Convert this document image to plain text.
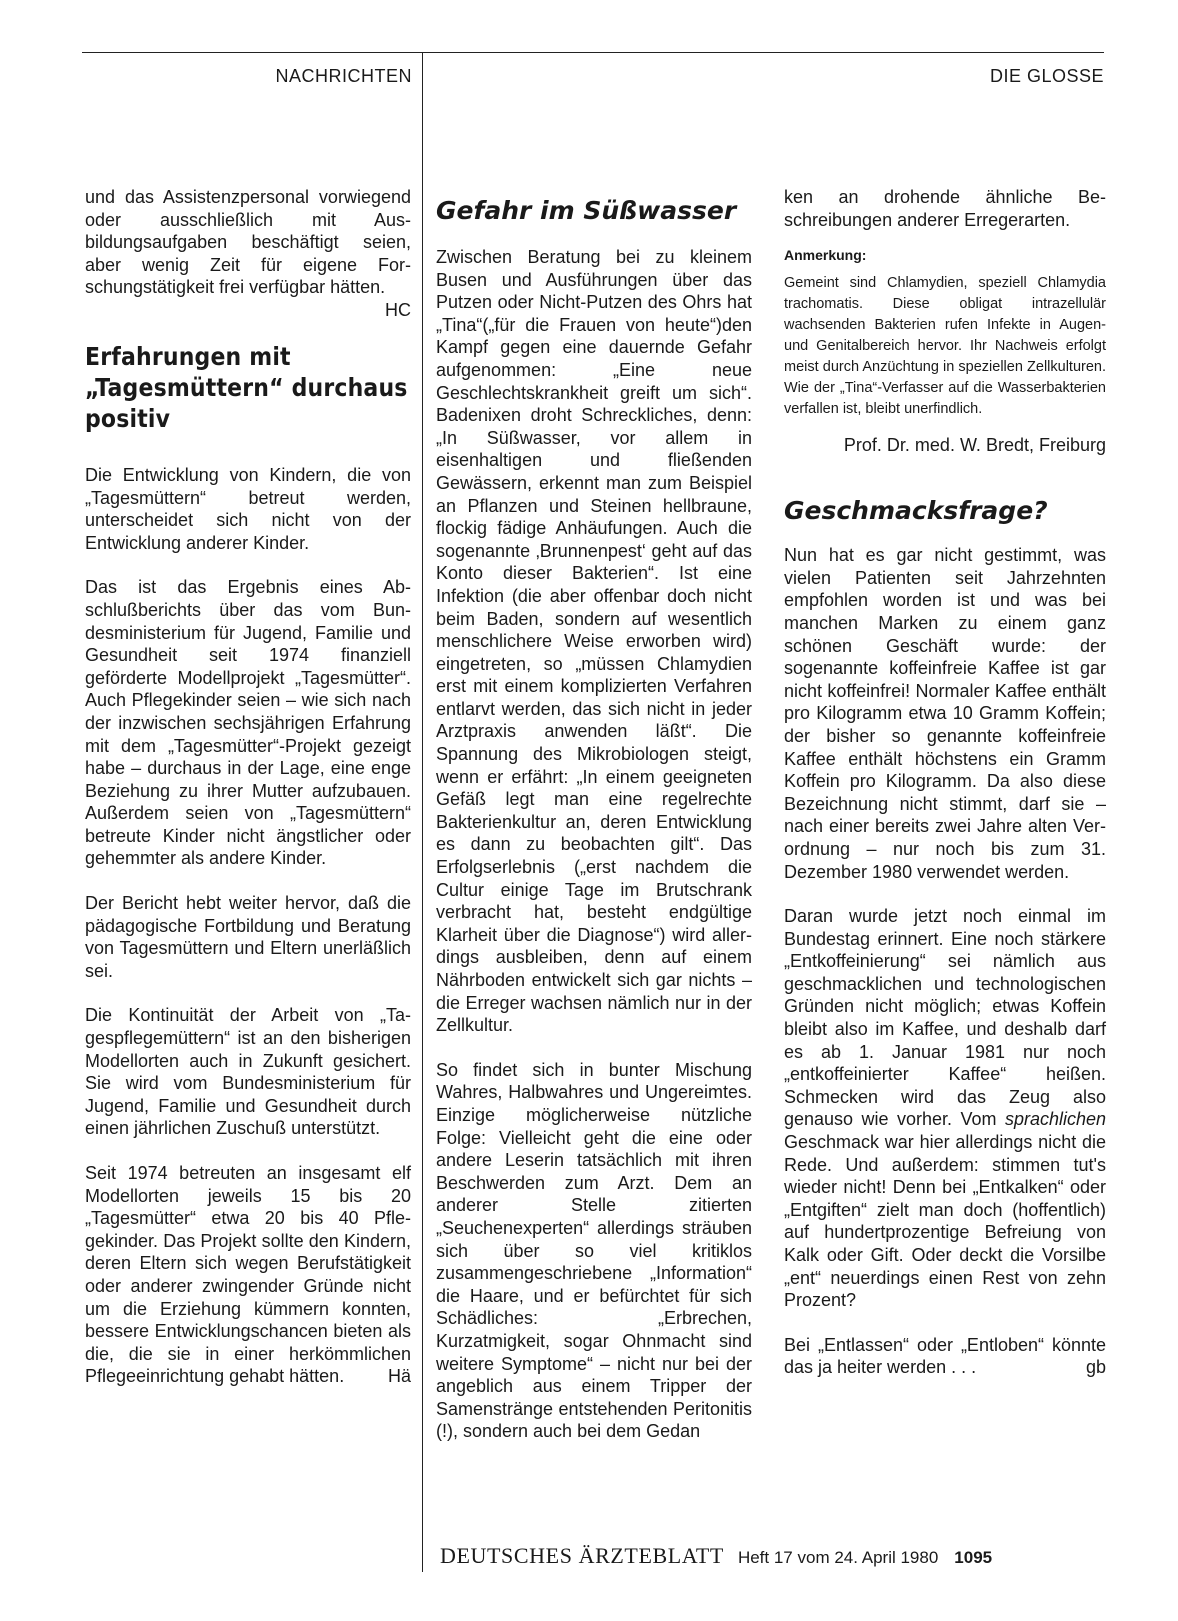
NACHRICHTEN	DIE GLOSSE

und das Assistenzpersonal vorwiegend oder ausschließlich mit Ausbildungsaufgaben beschäftigt seien, aber wenig Zeit für eigene Forschungstätigkeit frei verfügbar hätten.
HC

Erfahrungen mit „Tagesmüttern“ durchaus positiv

Die Entwicklung von Kindern, die von „Tagesmüttern“ betreut werden, unterscheidet sich nicht von der Entwicklung anderer Kinder.

Das ist das Ergebnis eines Abschlußberichts über das vom Bundesministerium für Jugend, Familie und Gesundheit seit 1974 finanziell geförderte Modellprojekt „Tagesmütter“. Auch Pflegekinder seien – wie sich nach der inzwischen sechsjährigen Erfahrung mit dem „Tagesmütter“-Projekt gezeigt habe – durchaus in der Lage, eine enge Beziehung zu ihrer Mutter aufzubauen. Außerdem seien von „Tagesmüttern“ betreute Kinder nicht ängstlicher oder gehemmter als andere Kinder.

Der Bericht hebt weiter hervor, daß die pädagogische Fortbildung und Beratung von Tagesmüttern und Eltern unerläßlich sei.

Die Kontinuität der Arbeit von „Tagespflegemüttern“ ist an den bisherigen Modellorten auch in Zukunft gesichert. Sie wird vom Bundesministerium für Jugend, Familie und Gesundheit durch einen jährlichen Zuschuß unterstützt.

Seit 1974 betreuten an insgesamt elf Modellorten jeweils 15 bis 20 „Tagesmütter“ etwa 20 bis 40 Pflegekinder. Das Projekt sollte den Kindern, deren Eltern sich wegen Berufstätigkeit oder anderer zwingender Gründe nicht um die Erziehung kümmern konnten, bessere Entwicklungschancen bieten als die, die sie in einer herkömmlichen Pflegeeinrichtung gehabt hätten. Hä

Gefahr im Süßwasser

Zwischen Beratung bei zu kleinem Busen und Ausführungen über das Putzen oder Nicht-Putzen des Ohrs hat „Tina“(„für die Frauen von heute“)den Kampf gegen eine dauernde Gefahr aufgenommen: „Eine neue Geschlechtskrankheit greift um sich“. Badenixen droht Schreckliches, denn: „In Süßwasser, vor allem in eisenhaltigen und fließenden Gewässern, erkennt man zum Beispiel an Pflanzen und Steinen hellbraune, flockig fädige Anhäufungen. Auch die sogenannte ‚Brunnenpest‘ geht auf das Konto dieser Bakterien“. Ist eine Infektion (die aber offenbar doch nicht beim Baden, sondern auf wesentlich menschlichere Weise erworben wird) eingetreten, so „müssen Chlamydien erst mit einem komplizierten Verfahren entlarvt werden, das sich nicht in jeder Arztpraxis anwenden läßt“. Die Spannung des Mikrobiologen steigt, wenn er erfährt: „In einem geeigneten Gefäß legt man eine regelrechte Bakterienkultur an, deren Entwicklung es dann zu beobachten gilt“. Das Erfolgserlebnis („erst nachdem die Cultur einige Tage im Brutschrank verbracht hat, besteht endgültige Klarheit über die Diagnose“) wird allerdings ausbleiben, denn auf einem Nährboden entwickelt sich gar nichts – die Erreger wachsen nämlich nur in der Zellkultur.

So findet sich in bunter Mischung Wahres, Halbwahres und Ungereimtes. Einzige möglicherweise nützliche Folge: Vielleicht geht die eine oder andere Leserin tatsächlich mit ihren Beschwerden zum Arzt. Dem an anderer Stelle zitierten „Seuchenexperten“ allerdings sträuben sich über so viel kritiklos zusammengeschriebene „Information“ die Haare, und er befürchtet für sich Schädliches: „Erbrechen, Kurzatmigkeit, sogar Ohnmacht sind weitere Symptome“ – nicht nur bei der angeblich aus einem Tripper der Samenstränge entstehenden Peritonitis (!), sondern auch bei dem Gedan

ken an drohende ähnliche Beschreibungen anderer Erregerarten.

Anmerkung:

Gemeint sind Chlamydien, speziell Chlamydia trachomatis. Diese obligat intrazellulär wachsenden Bakterien rufen Infekte in Augen- und Genitalbereich hervor. Ihr Nachweis erfolgt meist durch Anzüchtung in speziellen Zellkulturen. Wie der „Tina“-Verfasser auf die Wasserbakterien verfallen ist, bleibt unerfindlich.

Prof. Dr. med. W. Bredt, Freiburg

Geschmacksfrage?

Nun hat es gar nicht gestimmt, was vielen Patienten seit Jahrzehnten empfohlen worden ist und was bei manchen Marken zu einem ganz schönen Geschäft wurde: der sogenannte koffeinfreie Kaffee ist gar nicht koffeinfrei! Normaler Kaffee enthält pro Kilogramm etwa 10 Gramm Koffein; der bisher so genannte koffeinfreie Kaffee enthält höchstens ein Gramm Koffein pro Kilogramm. Da also diese Bezeichnung nicht stimmt, darf sie – nach einer bereits zwei Jahre alten Verordnung – nur noch bis zum 31. Dezember 1980 verwendet werden.

Daran wurde jetzt noch einmal im Bundestag erinnert. Eine noch stärkere „Entkoffeinierung“ sei nämlich aus geschmacklichen und technologischen Gründen nicht möglich; etwas Koffein bleibt also im Kaffee, und deshalb darf es ab 1. Januar 1981 nur noch „entkoffeinierter Kaffee“ heißen. Schmecken wird das Zeug also genauso wie vorher. Vom sprachlichen Geschmack war hier allerdings nicht die Rede. Und außerdem: stimmen tut's wieder nicht! Denn bei „Entkalken“ oder „Entgiften“ zielt man doch (hoffentlich) auf hundertprozentige Befreiung von Kalk oder Gift. Oder deckt die Vorsilbe „ent“ neuerdings einen Rest von zehn Prozent?

Bei „Entlassen“ oder „Entloben“ könnte das ja heiter werden . . .	gb

DEUTSCHES ÄRZTEBLATT Heft 17 vom 24. April 1980 1095
